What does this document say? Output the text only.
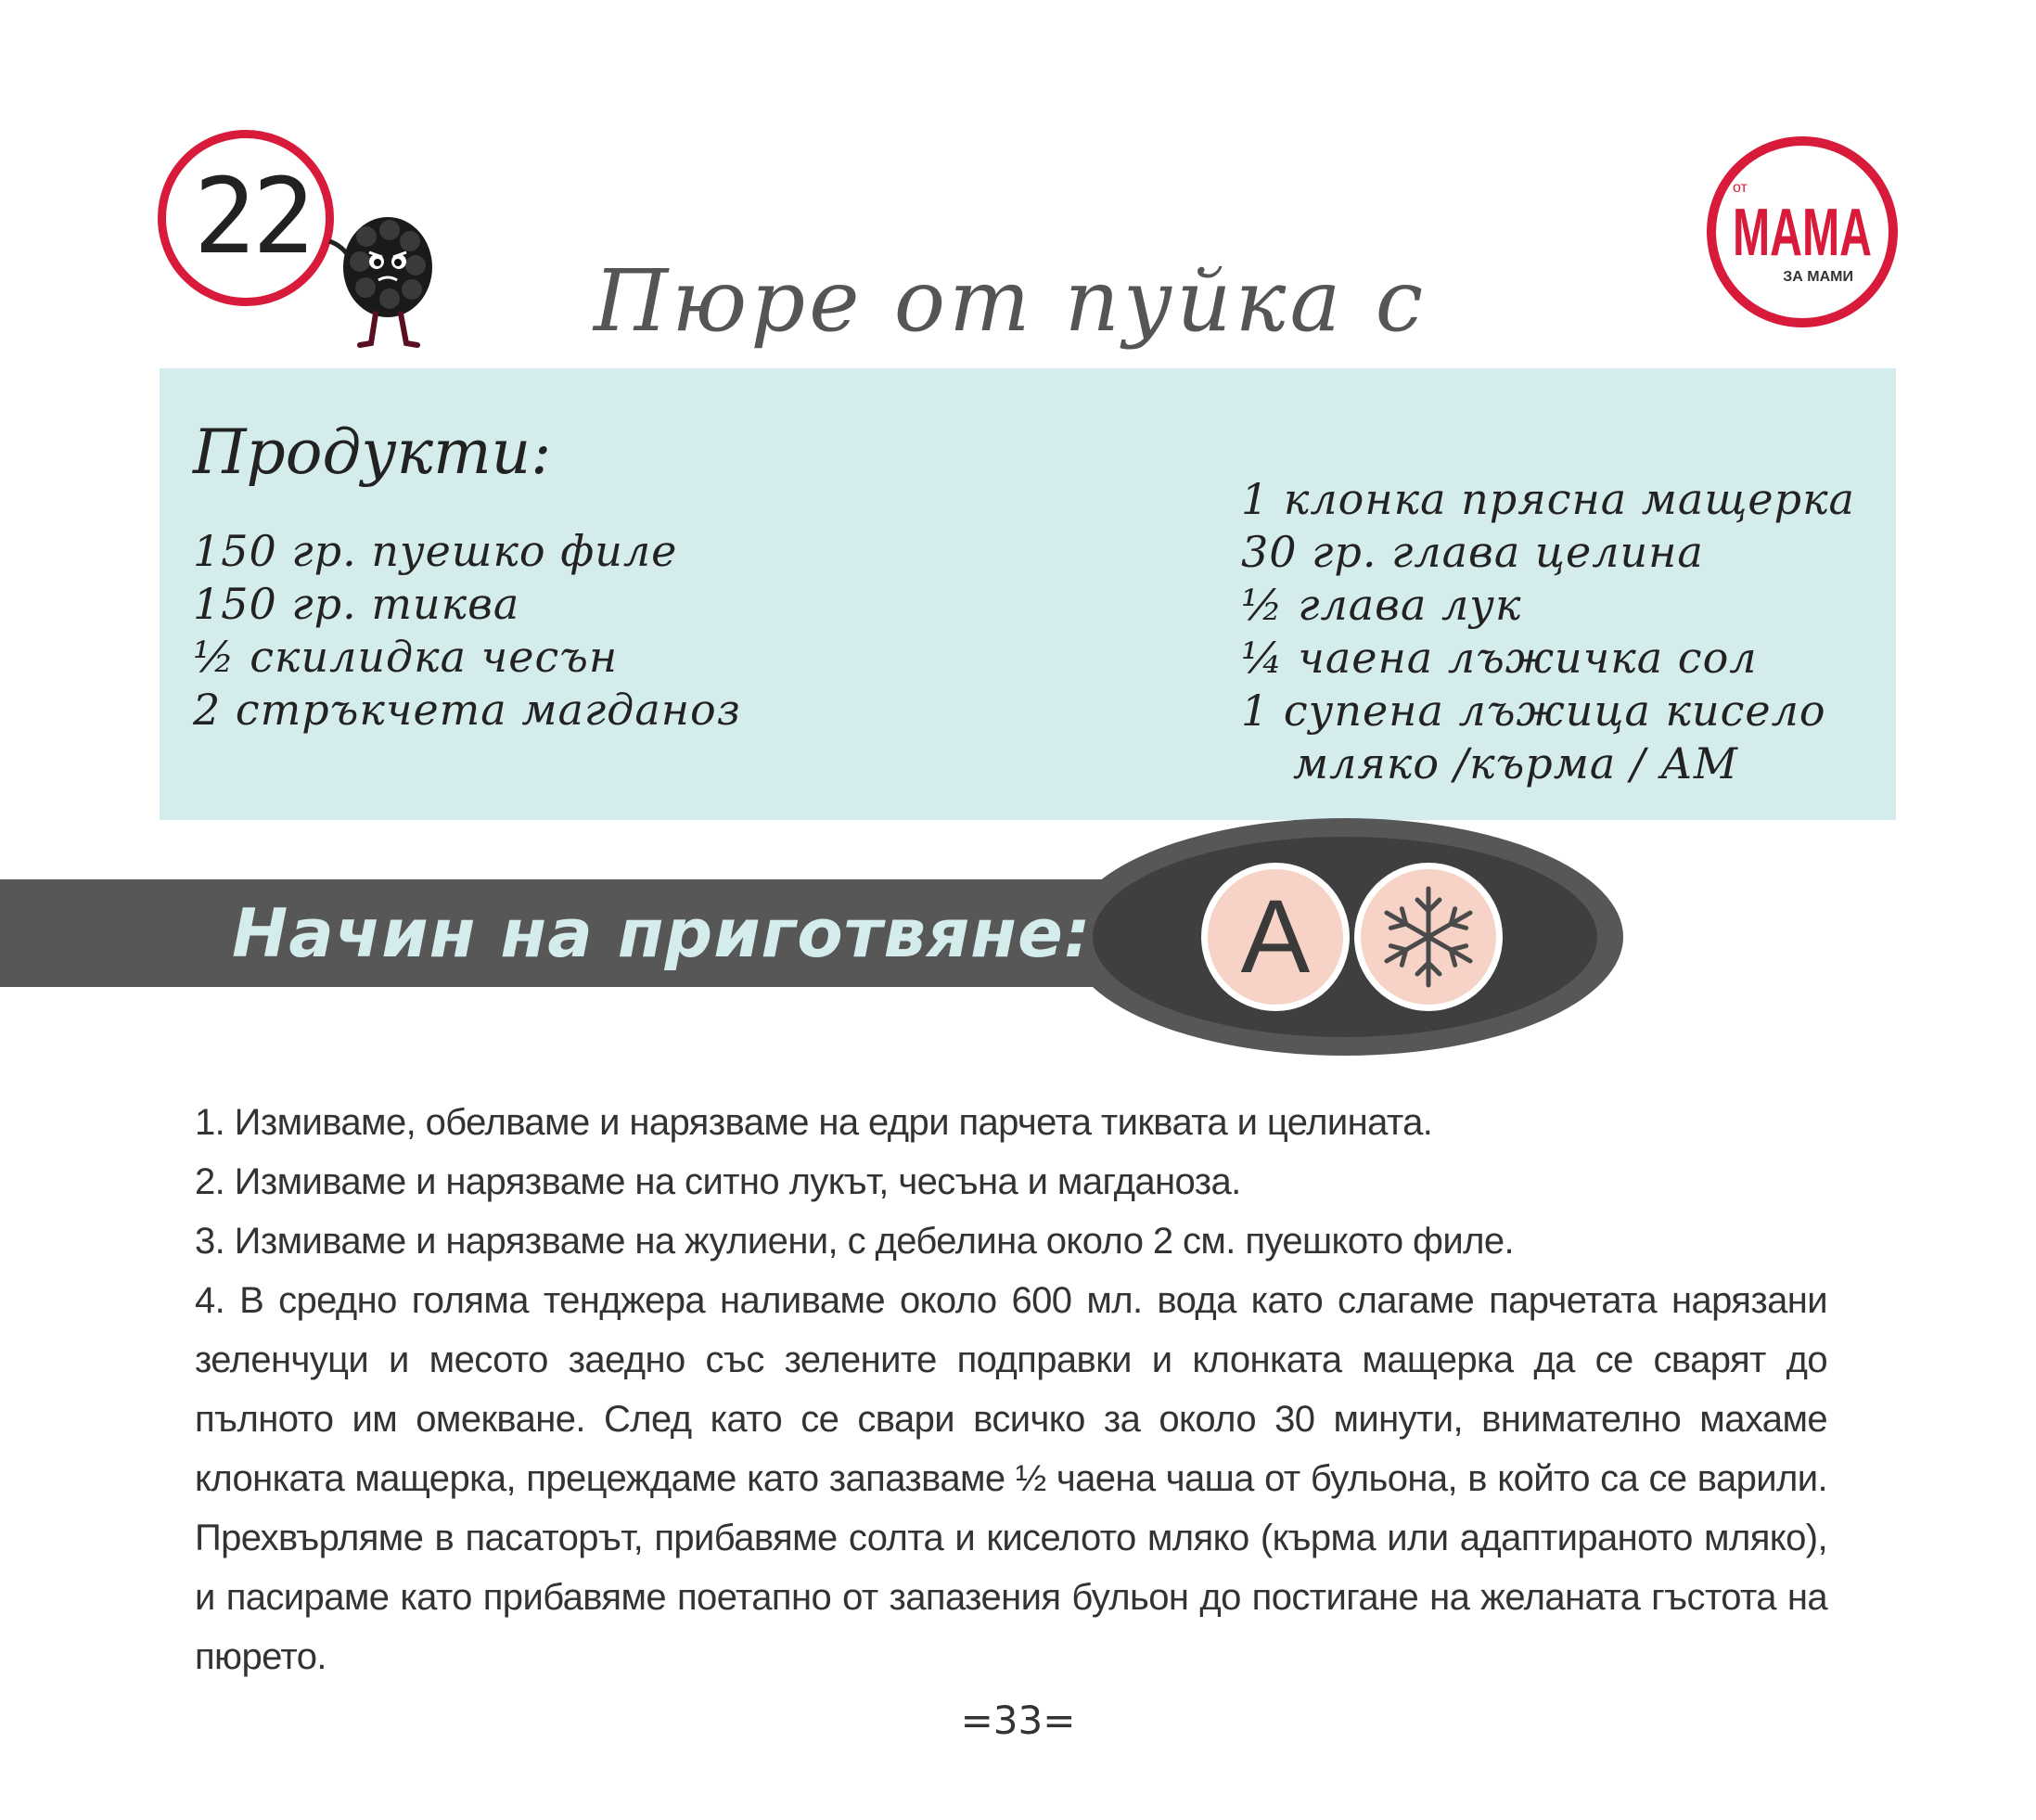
22	от
МАМА
ЗА МАМИ
Пюре от пуйка с
Продукти:
150 гр. пуешко филе
150 гр. тиква
½ скилидка чесън
2 стръкчета магданоз
1 клонка прясна мащерка
30 гр. глава целина
½ глава лук
¼ чаена лъжичка сол
1 супена лъжица кисело
мляко /кърма / АМ
A
Начин на приготвяне:

1. Измиваме, обелваме и нарязваме на едри парчета тиквата и целината.

2. Измиваме и нарязваме на ситно лукът, чесъна и магданоза.

3. Измиваме и нарязваме на жулиени, с дебелина около 2 см. пуешкото филе.

4. В средно голяма тенджера наливаме около 600 мл. вода като слагаме парчетата нарязани зеленчуци и месото заедно със зелените подправки и клонката мащерка да се сварят до пълното им омекване. След като се свари всичко за около 30 минути, внимателно махаме клонката мащерка, прецеждаме като запазваме ½ чаена чаша от бульона, в който са се варили. Прехвърляме в пасаторът, прибавяме солта и киселото мляко (кърма или адаптираното мляко), и пасираме като прибавяме поетапно от запазения бульон до постигане на желаната гъстота на пюрето.

=33=
